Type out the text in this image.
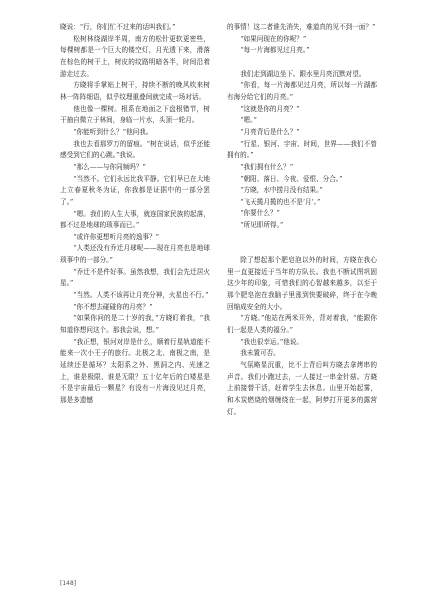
晓说：“行，你们忙不过来的话叫我们。”

松树林绕湖岸半周，南方的松针更软更密些，每棵树都是一个巨大的镂空灯，月光透下来，滑落在棕色的树干上，树皮的纹路明暗各半，时间沿着游走过去。

方晓将手掌贴上树干，持续不断的晚风吹来树林一阵阵细语，似乎纹理重叠间就完成一场对话。

他也像一棵树。根系在地面之下盘根错节，树干抽自微立于林间，身临一片水，头顶一轮月。

“你能听到什么？”他问我。

我也去看那罗万的留痕。“树在说话，似乎还能感受到它们的心跳。”我说。

“那么——与你同频吗？”

“当然不。它们永远比我平静。它们早已在大地上立春夏秋冬为证，你我都是证据中的一部分罢了。”

“嗯。我们的人生大事，就连国家民族的起落，都不过是地球的琐事而已。”

“或许你更想听月亮的逸事？”

“人类还没有乔迁月球呢——现在月亮也是地球琐事中的一部分。”

“乔迁不是件好事。虽然我想，我们会先迁居火星。”

“当然。人类不该再让月亮分神，火星也不行。”

“你不想去碰碰你的月亮？”

“如果你问的是二十岁的我，”方晓盯着我，“我知道你想问这个。那我会说，想。”

“我正想，银河对岸是什么，顺着行星轨道能不能来一次小王子的旅行。北极之北、南极之南，是延续还是循环？太阳系之外、黑洞之内、光速之上，谁是极限、谁是无限？五十亿年后的白矮星是不是宇宙最后一颗星？有没有一片海没见过月亮，那是多遗憾

的事情！这二者谁先消失，难道真的见不到一面？”

“如果问现在的你呢？”

“每一片海都见过月亮。”

我们走到湖边坐下。跟水里月亮沉默对望。

“你看，每一片海都见过月亮，所以每一片湖都有海分给它们的月亮。”

“这就是你的月亮？”

“嗯。”

“月亮背后是什么？”

“行星、银河、宇宙、时间，世界——我们不曾拥有的。”

“我们拥有什么？”

“朝阳、落日、今夜、爱恨、分合。”

“方晓，水中捞月没有结果。”

“飞天揽月揽的也不是‘月’。”

“你要什么？”

“所见即所得。”

除了想起那个肥皂泡以外的时间，方晓在我心里一直更接近于当年的方队长。我也不断试图巩固这少年的印象，可惜我们的心智越来越多，以至于那个肥皂泡在我脑子里涨到快要破碎，终于在今晚回缩成安全的大小。

“方晓。”他站在两米开外，背对着我，“能跟你们一起是人类的福分。”

“我也很幸运。”他说。

我未置可否。

气氛略显沉重，比不上背后叫方晓去拿烤串的声音。我们小跑过去，一人接过一串金针菇。方晓上前接替干活，赶着学生去休息。山里开始起雾，和木炭燃烧的烟缠绕在一起，阿梦打开更多的露营灯。

[148]
